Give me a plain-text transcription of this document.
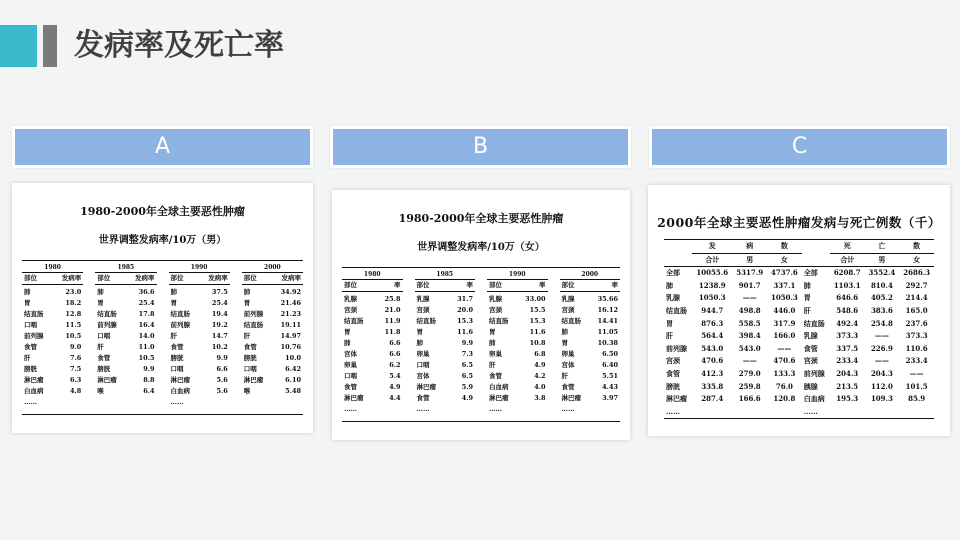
发病率及死亡率
A	B	C
1980-2000年全球主要恶性肿瘤
世界调整发病率/10万（男）
1980
部位	发病率
肺	23.0
胃	18.2
结直肠	12.8
口咽	11.5
前列腺	10.5
食管	9.0
肝	7.6
膀胱	7.5
淋巴瘤	6.3
白血病	4.8
……
1985
部位	发病率
肺	36.6
胃	25.4
结直肠	17.8
前列腺	16.4
口咽	14.0
肝	11.0
食管	10.5
膀胱	9.9
淋巴瘤	8.8
喉	6.4
1990
部位	发病率
肺	37.5
胃	25.4
结直肠	19.4
前列腺	19.2
肝	14.7
食管	10.2
膀胱	9.9
口咽	6.6
淋巴瘤	5.6
白血病	5.6
……
2000
部位	发病率
肺	34.92
胃	21.46
前列腺	21.23
结直肠	19.11
肝	14.97
食管	10.76
膀胱	10.0
口咽	6.42
淋巴瘤	6.10
喉	5.48
1980-2000年全球主要恶性肿瘤
世界调整发病率/10万（女）
1980
部位	率
乳腺	25.8
宫颈	21.0
结直肠	11.9
胃	11.8
肺	6.6
宫体	6.6
卵巢	6.2
口咽	5.4
食管	4.9
淋巴瘤	4.4
……
1985
部位	率
乳腺	31.7
宫颈	20.0
结直肠	15.3
胃	11.6
肺	9.9
卵巢	7.3
口咽	6.5
宫体	6.5
淋巴瘤	5.9
食管	4.9
……
1990
部位	率
乳腺	33.00
宫颈	15.5
结直肠	15.3
胃	11.6
肺	10.8
卵巢	6.8
肝	4.9
食管	4.2
白血病	4.0
淋巴瘤	3.8
……
2000
部位	率
乳腺	35.66
宫颈	16.12
结直肠	14.41
肺	11.05
胃	10.38
卵巢	6.50
宫体	6.40
肝	5.51
食管	4.43
淋巴瘤	3.97
……
2000年全球主要恶性肿瘤发病与死亡例数（千）
	发	病	数		死	亡	数
	合计	男	女		合计	男	女
全部	10055.6	5317.9	4737.6	全部	6208.7	3552.4	2686.3
肺	1238.9	901.7	337.1	肺	1103.1	810.4	292.7
乳腺	1050.3	——	1050.3	胃	646.6	405.2	214.4
结直肠	944.7	498.8	446.0	肝	548.6	383.6	165.0
胃	876.3	558.5	317.9	结直肠	492.4	254.8	237.6
肝	564.4	398.4	166.0	乳腺	373.3	——	373.3
前列腺	543.0	543.0	——	食管	337.5	226.9	110.6
宫颈	470.6	——	470.6	宫颈	233.4	——	233.4
食管	412.3	279.0	133.3	前列腺	204.3	204.3	——
膀胱	335.8	259.8	76.0	胰腺	213.5	112.0	101.5
淋巴瘤	287.4	166.6	120.8	白血病	195.3	109.3	85.9
……				……			
